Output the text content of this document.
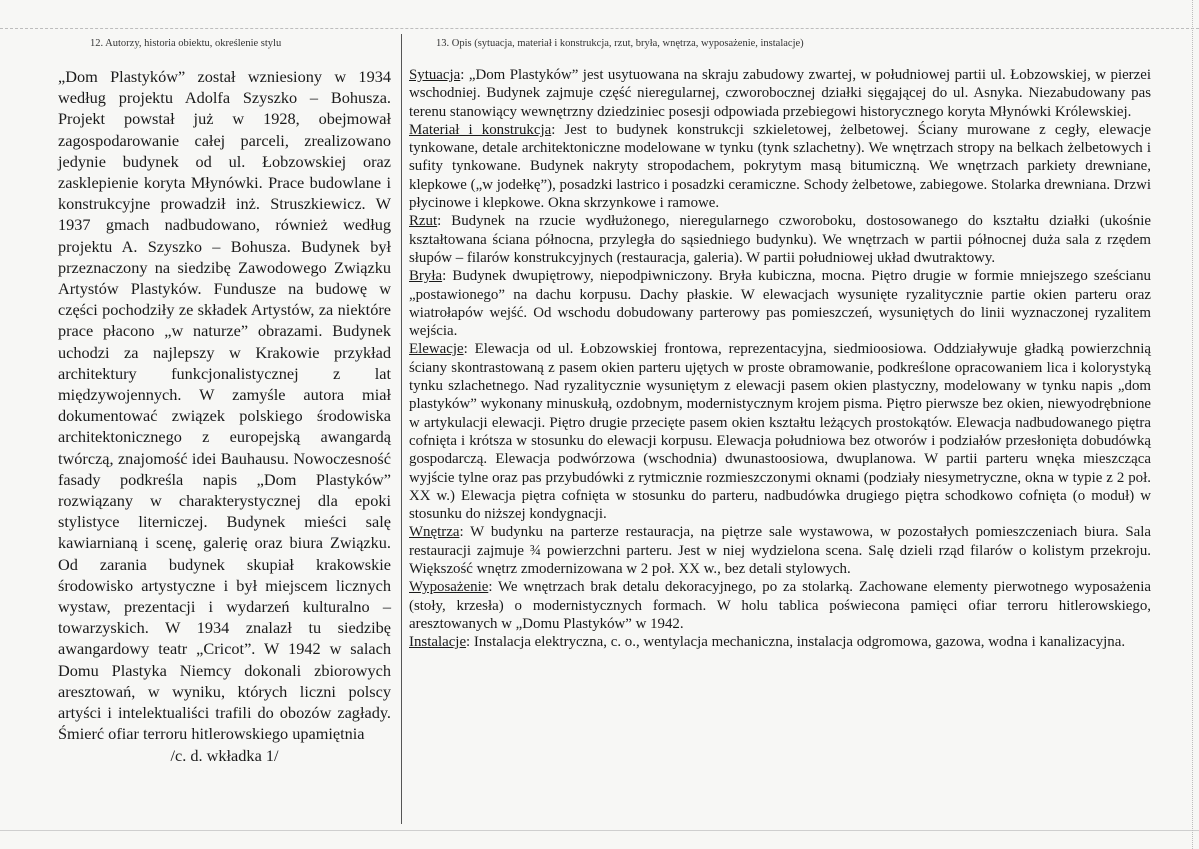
12. Autorzy, historia obiektu, określenie stylu	13. Opis (sytuacja, materiał i konstrukcja, rzut, bryła, wnętrza, wyposażenie, instalacje)

„Dom Plastyków” został wzniesiony w 1934 według projektu Adolfa Szyszko – Bohusza. Projekt powstał już w 1928, obejmował zagospodarowanie całej parceli, zrealizowano jedynie budynek od ul. Łobzowskiej oraz zasklepienie koryta Młynówki. Prace budowlane i konstrukcyjne prowadził inż. Struszkiewicz. W 1937 gmach nadbudowano, również według projektu A. Szyszko – Bohusza. Budynek był przeznaczony na siedzibę Zawodowego Związku Artystów Plastyków. Fundusze na budowę w części pochodziły ze składek Artystów, za niektóre prace płacono „w naturze” obrazami. Budynek uchodzi za najlepszy w Krakowie przykład architektury funkcjonalistycznej z lat międzywojennych. W zamyśle autora miał dokumentować związek polskiego środowiska architektonicznego z europejską awangardą twórczą, znajomość idei Bauhausu. Nowoczesność fasady podkreśla napis „Dom Plastyków” rozwiązany w charakterystycznej dla epoki stylistyce literniczej. Budynek mieści salę kawiarnianą i scenę, galerię oraz biura Związku. Od zarania budynek skupiał krakowskie środowisko artystyczne i był miejscem licznych wystaw, prezentacji i wydarzeń kulturalno – towarzyskich. W 1934 znalazł tu siedzibę awangardowy teatr „Cricot”. W 1942 w salach Domu Plastyka Niemcy dokonali zbiorowych aresztowań, w wyniku, których liczni polscy artyści i intelektualiści trafili do obozów zagłady. Śmierć ofiar terroru hitlerowskiego upamiętnia

/c. d. wkładka 1/

Sytuacja: „Dom Plastyków” jest usytuowana na skraju zabudowy zwartej, w południowej partii ul. Łobzowskiej, w pierzei wschodniej. Budynek zajmuje część nieregularnej, czworobocznej działki sięgającej do ul. Asnyka. Niezabudowany pas terenu stanowiący wewnętrzny dziedziniec posesji odpowiada przebiegowi historycznego koryta Młynówki Królewskiej.

Materiał i konstrukcja: Jest to budynek konstrukcji szkieletowej, żelbetowej. Ściany murowane z cegły, elewacje tynkowane, detale architektoniczne modelowane w tynku (tynk szlachetny). We wnętrzach stropy na belkach żelbetowych i sufity tynkowane. Budynek nakryty stropodachem, pokrytym masą bitumiczną. We wnętrzach parkiety drewniane, klepkowe („w jodełkę”), posadzki lastrico i posadzki ceramiczne. Schody żelbetowe, zabiegowe. Stolarka drewniana. Drzwi płycinowe i klepkowe. Okna skrzynkowe i ramowe.

Rzut: Budynek na rzucie wydłużonego, nieregularnego czworoboku, dostosowanego do kształtu działki (ukośnie kształtowana ściana północna, przyległa do sąsiedniego budynku). We wnętrzach w partii północnej duża sala z rzędem słupów – filarów konstrukcyjnych (restauracja, galeria). W partii południowej układ dwutraktowy.

Bryła: Budynek dwupiętrowy, niepodpiwniczony. Bryła kubiczna, mocna. Piętro drugie w formie mniejszego sześcianu „postawionego” na dachu korpusu. Dachy płaskie. W elewacjach wysunięte ryzalitycznie partie okien parteru oraz wiatrołapów wejść. Od wschodu dobudowany parterowy pas pomieszczeń, wysuniętych do linii wyznaczonej ryzalitem wejścia.

Elewacje: Elewacja od ul. Łobzowskiej frontowa, reprezentacyjna, siedmioosiowa. Oddziaływuje gładką powierzchnią ściany skontrastowaną z pasem okien parteru ujętych w proste obramowanie, podkreślone opracowaniem lica i kolorystyką tynku szlachetnego. Nad ryzalitycznie wysuniętym z elewacji pasem okien plastyczny, modelowany w tynku napis „dom plastyków” wykonany minuskułą, ozdobnym, modernistycznym krojem pisma. Piętro pierwsze bez okien, niewyodrębnione w artykulacji elewacji. Piętro drugie przecięte pasem okien kształtu leżących prostokątów. Elewacja nadbudowanego piętra cofnięta i krótsza w stosunku do elewacji korpusu. Elewacja południowa bez otworów i podziałów przesłonięta dobudówką gospodarczą. Elewacja podwórzowa (wschodnia) dwunastoosiowa, dwuplanowa. W partii parteru wnęka mieszcząca wyjście tylne oraz pas przybudówki z rytmicznie rozmieszczonymi oknami (podziały niesymetryczne, okna w typie z 2 poł. XX w.) Elewacja piętra cofnięta w stosunku do parteru, nadbudówka drugiego piętra schodkowo cofnięta (o moduł) w stosunku do niższej kondygnacji.

Wnętrza: W budynku na parterze restauracja, na piętrze sale wystawowa, w pozostałych pomieszczeniach biura. Sala restauracji zajmuje ¾ powierzchni parteru. Jest w niej wydzielona scena. Salę dzieli rząd filarów o kolistym przekroju. Większość wnętrz zmodernizowana w 2 poł. XX w., bez detali stylowych.

Wyposażenie: We wnętrzach brak detalu dekoracyjnego, po za stolarką. Zachowane elementy pierwotnego wyposażenia (stoły, krzesła) o modernistycznych formach. W holu tablica poświecona pamięci ofiar terroru hitlerowskiego, aresztowanych w „Domu Plastyków” w 1942.

Instalacje: Instalacja elektryczna, c. o., wentylacja mechaniczna, instalacja odgromowa, gazowa, wodna i kanalizacyjna.
